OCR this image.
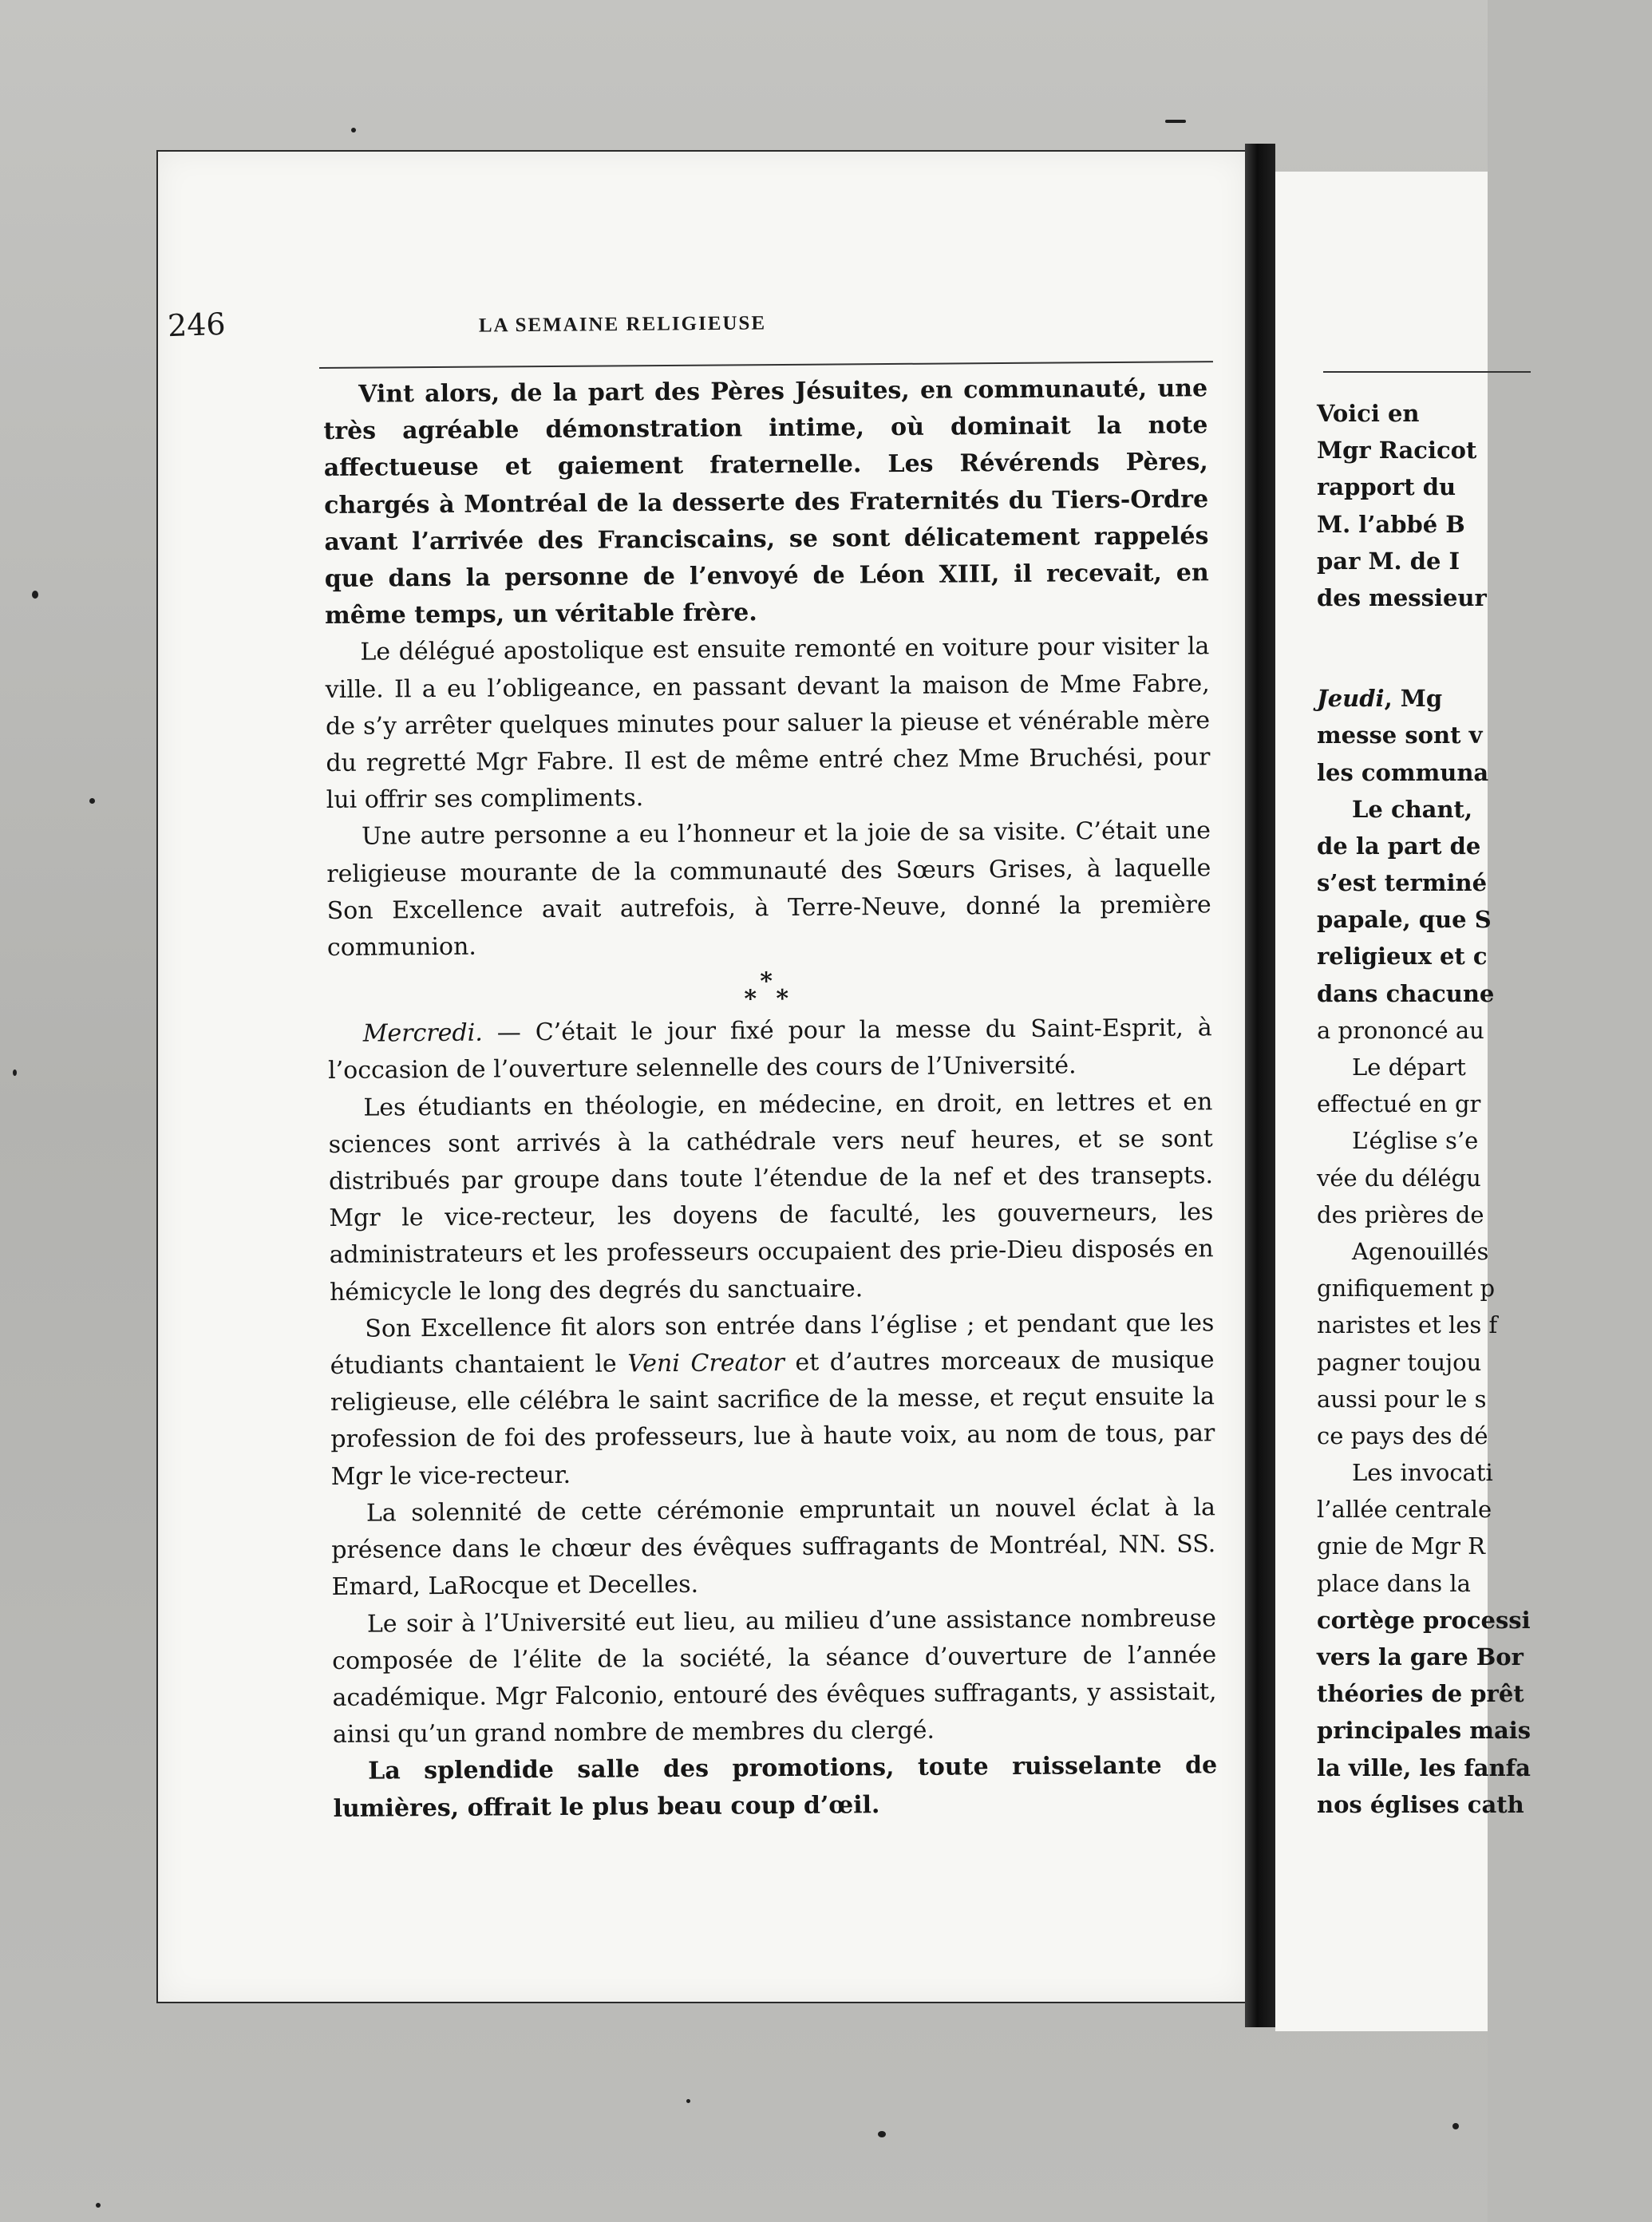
246	LA SEMAINE RELIGIEUSE

Vint alors, de la part des Pères Jésuites, en communauté, une très agréable démonstration intime, où dominait la note affectueuse et gaiement fraternelle. Les Révérends Pères, chargés à Montréal de la desserte des Fraternités du Tiers-Ordre avant l’arrivée des Franciscains, se sont délicatement rappelés que dans la personne de l’envoyé de Léon XIII, il recevait, en même temps, un véritable frère.

Le délégué apostolique est ensuite remonté en voiture pour visiter la ville. Il a eu l’obligeance, en passant devant la maison de Mme Fabre, de s’y arrêter quelques minutes pour saluer la pieuse et vénérable mère du regretté Mgr Fabre. Il est de même entré chez Mme Bruchési, pour lui offrir ses compliments.

Une autre personne a eu l’honneur et la joie de sa visite. C’était une religieuse mourante de la communauté des Sœurs Grises, à laquelle Son Excellence avait autrefois, à Terre-Neuve, donné la première communion.

*
* *

Mercredi. — C’était le jour fixé pour la messe du Saint-Esprit, à l’occasion de l’ouverture selennelle des cours de l’Université.

Les étudiants en théologie, en médecine, en droit, en lettres et en sciences sont arrivés à la cathédrale vers neuf heures, et se sont distribués par groupe dans toute l’étendue de la nef et des transepts. Mgr le vice-recteur, les doyens de faculté, les gouverneurs, les administrateurs et les professeurs occupaient des prie-Dieu disposés en hémicycle le long des degrés du sanctuaire.

Son Excellence fit alors son entrée dans l’église ; et pendant que les étudiants chantaient le Veni Creator et d’autres morceaux de musique religieuse, elle célébra le saint sacrifice de la messe, et reçut ensuite la profession de foi des professeurs, lue à haute voix, au nom de tous, par Mgr le vice-recteur.

La solennité de cette cérémonie empruntait un nouvel éclat à la présence dans le chœur des évêques suffragants de Montréal, NN. SS. Emard, LaRocque et Decelles.

Le soir à l’Université eut lieu, au milieu d’une assistance nombreuse composée de l’élite de la société, la séance d’ouverture de l’année académique. Mgr Falconio, entouré des évêques suffragants, y assistait, ainsi qu’un grand nombre de membres du clergé.

La splendide salle des promotions, toute ruisselante de lumières, offrait le plus beau coup d’œil.

Voici en
Mgr Racicot
rapport du
M. l’abbé B
par M. de I
des messieur
Jeudi, Mg
messe sont v
les communa
Le chant,
de la part de
s’est terminé
papale, que S
religieux et c
dans chacune
a prononcé au
Le départ
effectué en gr
L’église s’e
vée du délégu
des prières de
Agenouillés
gnifiquement p
naristes et les f
pagner toujou
aussi pour le s
ce pays des dé
Les invocati
l’allée centrale
gnie de Mgr R
place dans la
cortège processi
vers la gare Bor
théories de prêt
principales mais
la ville, les fanfa
nos églises cath
